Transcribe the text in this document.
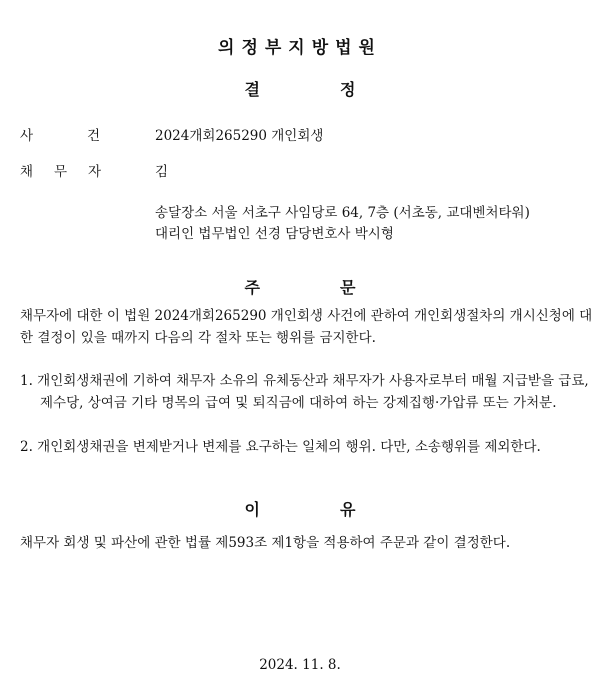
의정부지방법원
결	정
사	건	2024개회265290 개인회생
채 무 자	김
송달장소 서울 서초구 사임당로 64, 7층 (서초동, 교대벤처타워)
대리인 법무법인 선경 담당변호사 박시형
주	문
채무자에 대한 이 법원 2024개회265290 개인회생 사건에 관하여 개인회생절차의 개시신청에 대한 결정이 있을 때까지 다음의 각 절차 또는 행위를 금지한다.
1. 개인회생채권에 기하여 채무자 소유의 유체동산과 채무자가 사용자로부터 매월 지급받을 급료, 제수당, 상여금 기타 명목의 급여 및 퇴직금에 대하여 하는 강제집행·가압류 또는 가처분.
2. 개인회생채권을 변제받거나 변제를 요구하는 일체의 행위. 다만, 소송행위를 제외한다.
이	유
채무자 회생 및 파산에 관한 법률 제593조 제1항을 적용하여 주문과 같이 결정한다.
2024. 11. 8.
